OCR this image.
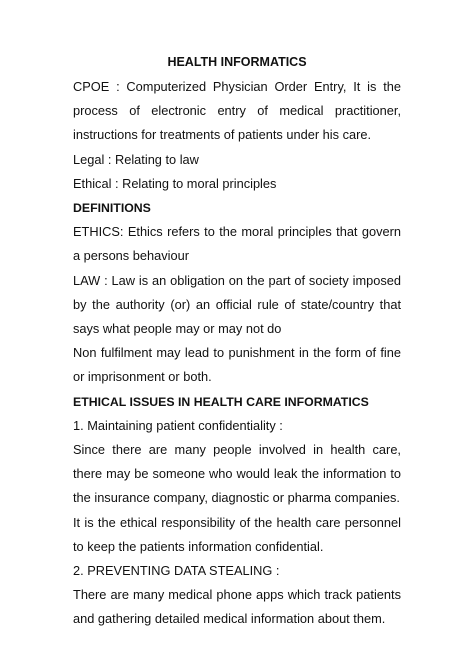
HEALTH INFORMATICS

CPOE : Computerized Physician Order Entry, It is the process of electronic entry of medical practitioner, instructions for treatments of patients under his care.

Legal : Relating to law

Ethical : Relating to moral principles

DEFINITIONS

ETHICS: Ethics refers to the moral principles that govern a persons behaviour

LAW : Law is an obligation on the part of society imposed by the authority (or) an official rule of state/country that says what people may or may not do

Non fulfilment may lead to punishment in the form of fine or imprisonment or both.

ETHICAL ISSUES IN HEALTH CARE INFORMATICS

1. Maintaining patient confidentiality :

Since there are many people involved in health care, there may be someone who would leak the information to the insurance company, diagnostic or pharma companies.

It is the ethical responsibility of the health care personnel to keep the patients information confidential.

2. PREVENTING DATA STEALING :

There are many medical phone apps which track patients and gathering detailed medical information about them.
